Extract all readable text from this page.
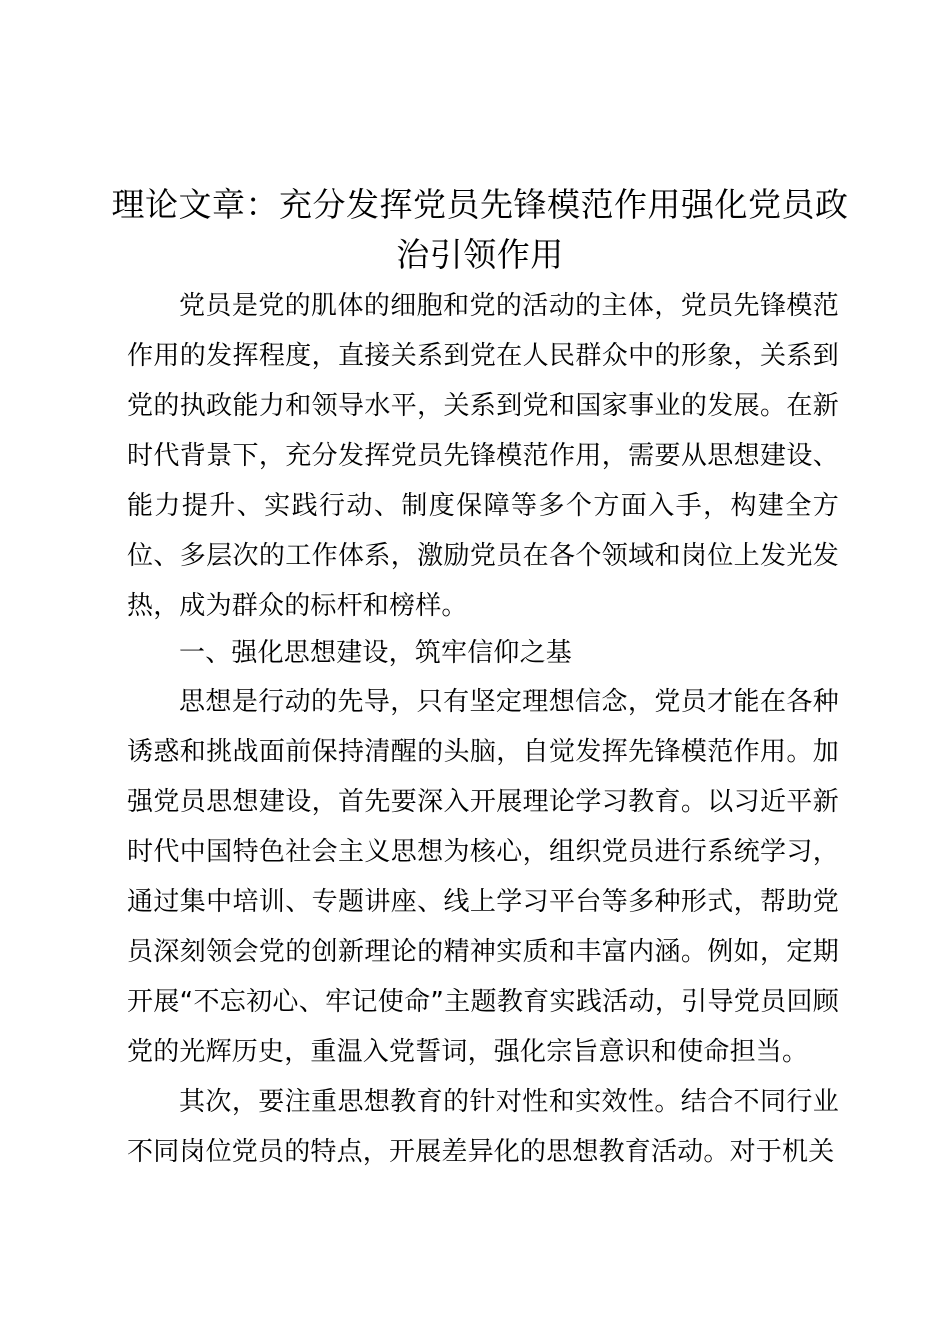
理论文章：充分发挥党员先锋模范作用强化党员政治引领作用

党员是党的肌体的细胞和党的活动的主体，党员先锋模范作用的发挥程度，直接关系到党在人民群众中的形象，关系到党的执政能力和领导水平，关系到党和国家事业的发展。在新时代背景下，充分发挥党员先锋模范作用，需要从思想建设、能力提升、实践行动、制度保障等多个方面入手，构建全方位、多层次的工作体系，激励党员在各个领域和岗位上发光发热，成为群众的标杆和榜样。

一、强化思想建设，筑牢信仰之基

思想是行动的先导，只有坚定理想信念，党员才能在各种诱惑和挑战面前保持清醒的头脑，自觉发挥先锋模范作用。加强党员思想建设，首先要深入开展理论学习教育。以习近平新时代中国特色社会主义思想为核心，组织党员进行系统学习，通过集中培训、专题讲座、线上学习平台等多种形式，帮助党员深刻领会党的创新理论的精神实质和丰富内涵。例如，定期开展“不忘初心、牢记使命”主题教育实践活动，引导党员回顾党的光辉历史，重温入党誓词，强化宗旨意识和使命担当。

其次，要注重思想教育的针对性和实效性。结合不同行业不同岗位党员的特点，开展差异化的思想教育活动。对于机关
